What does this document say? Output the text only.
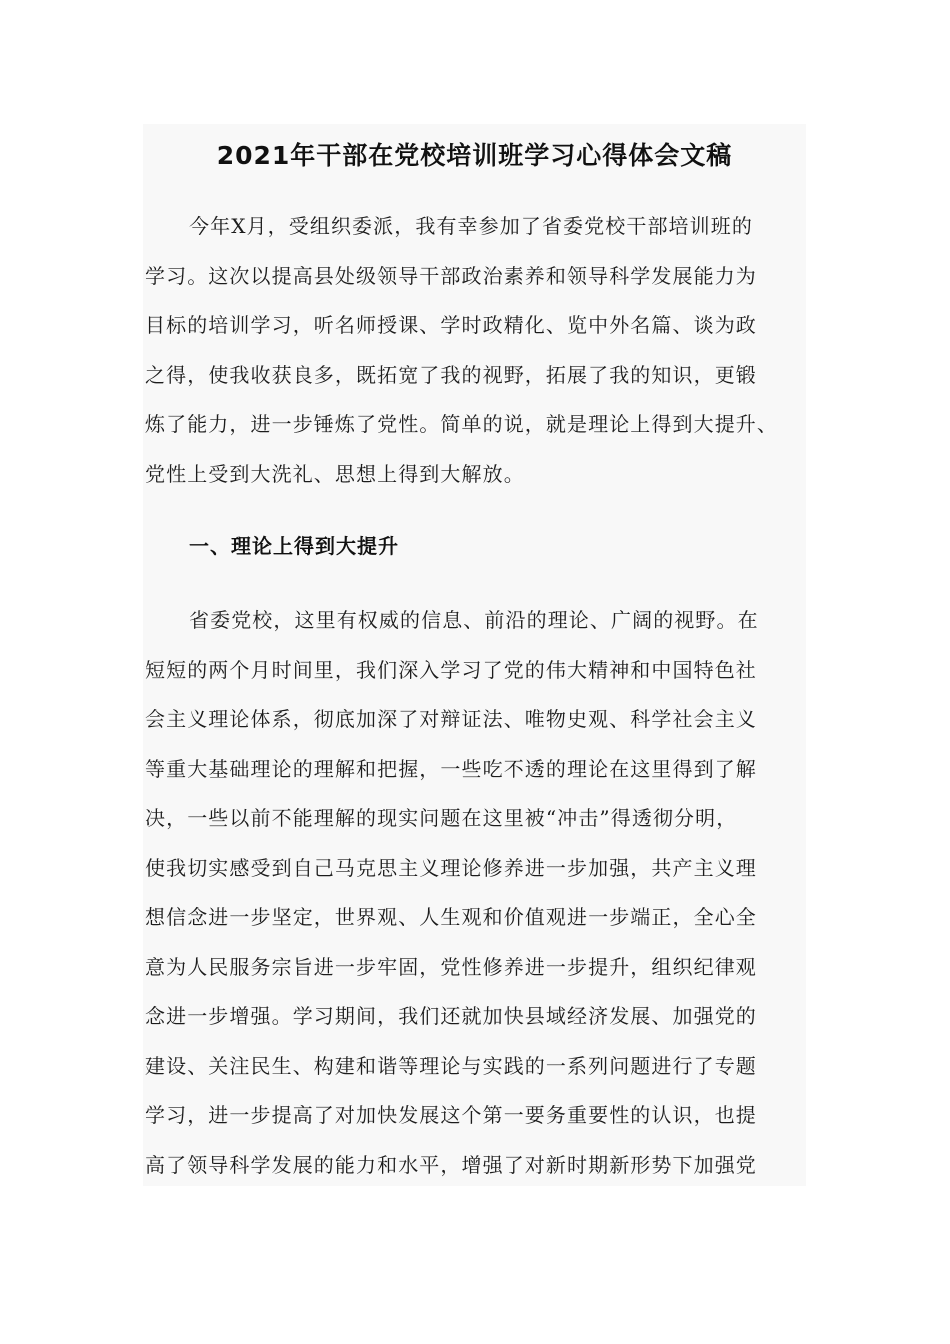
2021年干部在党校培训班学习心得体会文稿
今年X月，受组织委派，我有幸参加了省委党校干部培训班的
学习。这次以提高县处级领导干部政治素养和领导科学发展能力为
目标的培训学习，听名师授课、学时政精化、览中外名篇、谈为政
之得，使我收获良多，既拓宽了我的视野，拓展了我的知识，更锻
炼了能力，进一步锤炼了党性。简单的说，就是理论上得到大提升、
党性上受到大洗礼、思想上得到大解放。
一、理论上得到大提升
省委党校，这里有权威的信息、前沿的理论、广阔的视野。在
短短的两个月时间里，我们深入学习了党的伟大精神和中国特色社
会主义理论体系，彻底加深了对辩证法、唯物史观、科学社会主义
等重大基础理论的理解和把握，一些吃不透的理论在这里得到了解
决，一些以前不能理解的现实问题在这里被“冲击”得透彻分明，
使我切实感受到自己马克思主义理论修养进一步加强，共产主义理
想信念进一步坚定，世界观、人生观和价值观进一步端正，全心全
意为人民服务宗旨进一步牢固，党性修养进一步提升，组织纪律观
念进一步增强。学习期间，我们还就加快县域经济发展、加强党的
建设、关注民生、构建和谐等理论与实践的一系列问题进行了专题
学习，进一步提高了对加快发展这个第一要务重要性的认识，也提
高了领导科学发展的能力和水平，增强了对新时期新形势下加强党
